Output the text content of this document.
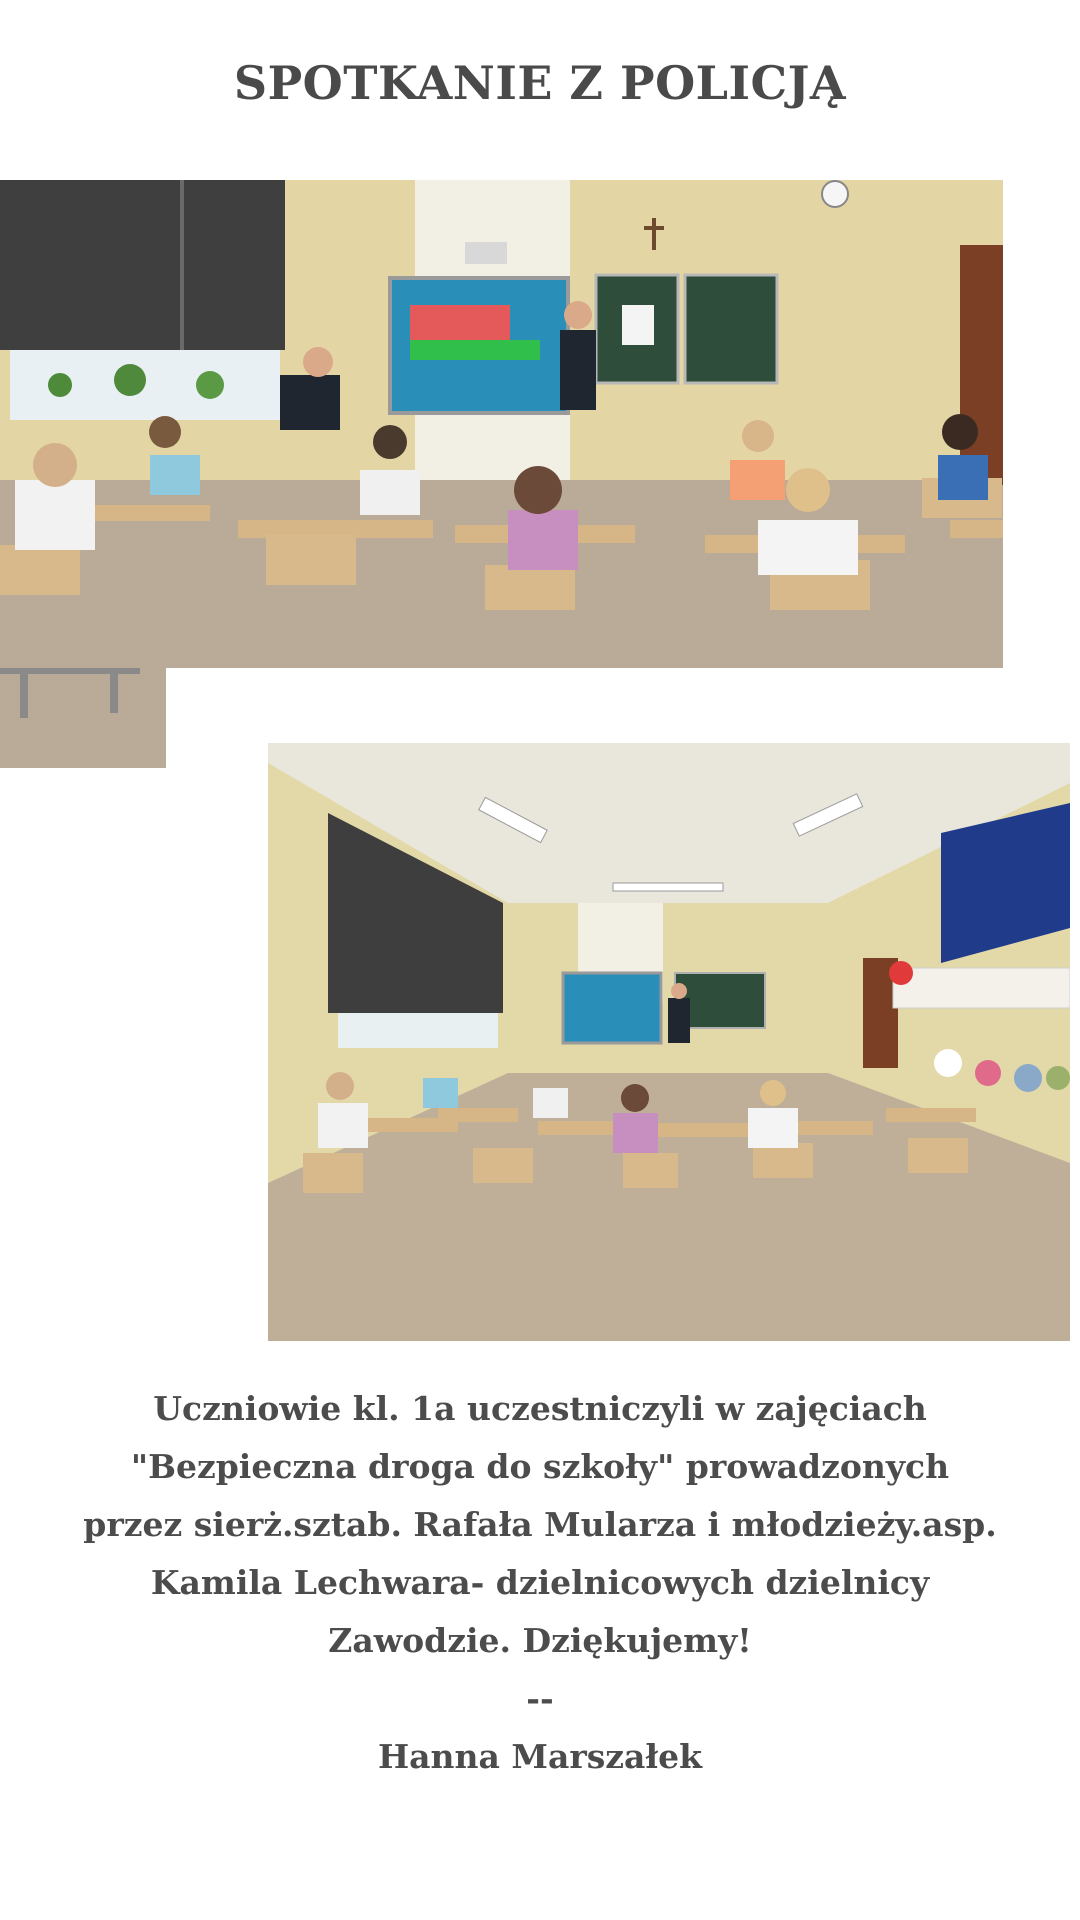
SPOTKANIE Z POLICJĄ
Uczniowie kl. 1a uczestniczyli w zajęciach
"Bezpieczna droga do szkoły" prowadzonych
przez sierż.sztab. Rafała Mularza i młodzieży.asp.
Kamila Lechwara- dzielnicowych dzielnicy
Zawodzie. Dziękujemy!
--
Hanna Marszałek
